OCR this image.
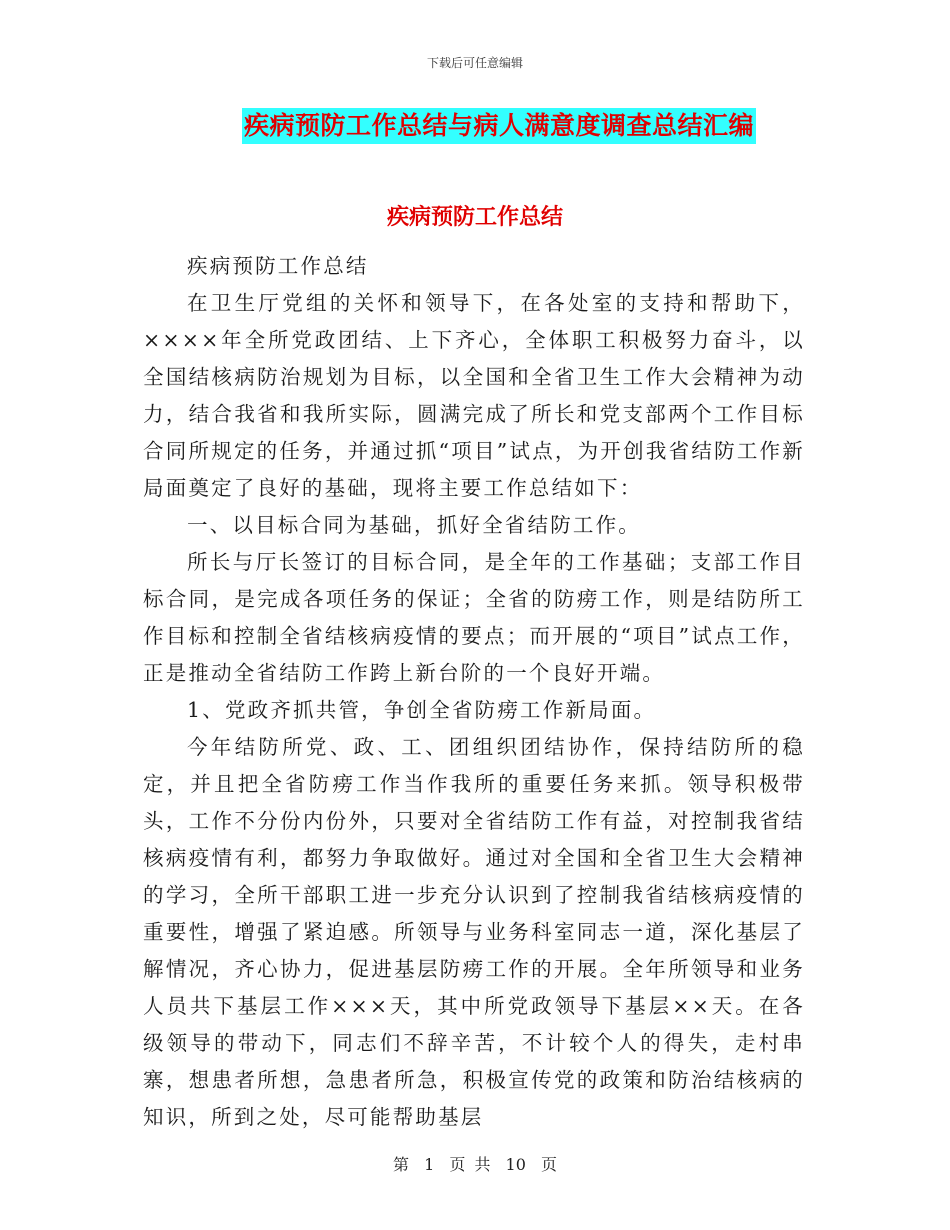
下载后可任意编辑
疾病预防工作总结与病人满意度调查总结汇编
疾病预防工作总结

疾病预防工作总结

在卫生厅党组的关怀和领导下，在各处室的支持和帮助下，××××年全所党政团结、上下齐心，全体职工积极努力奋斗，以全国结核病防治规划为目标，以全国和全省卫生工作大会精神为动力，结合我省和我所实际，圆满完成了所长和党支部两个工作目标合同所规定的任务，并通过抓“项目”试点，为开创我省结防工作新局面奠定了良好的基础，现将主要工作总结如下：

一、以目标合同为基础，抓好全省结防工作。

所长与厅长签订的目标合同，是全年的工作基础；支部工作目标合同，是完成各项任务的保证；全省的防痨工作，则是结防所工作目标和控制全省结核病疫情的要点；而开展的“项目”试点工作，正是推动全省结防工作跨上新台阶的一个良好开端。

1、党政齐抓共管，争创全省防痨工作新局面。

今年结防所党、政、工、团组织团结协作，保持结防所的稳定，并且把全省防痨工作当作我所的重要任务来抓。领导积极带头，工作不分份内份外，只要对全省结防工作有益，对控制我省结核病疫情有利，都努力争取做好。通过对全国和全省卫生大会精神的学习，全所干部职工进一步充分认识到了控制我省结核病疫情的重要性，增强了紧迫感。所领导与业务科室同志一道，深化基层了解情况，齐心协力，促进基层防痨工作的开展。全年所领导和业务人员共下基层工作×××天，其中所党政领导下基层××天。在各级领导的带动下，同志们不辞辛苦，不计较个人的得失，走村串寨，想患者所想，急患者所急，积极宣传党的政策和防治结核病的知识，所到之处，尽可能帮助基层

第 1 页 共 10 页
